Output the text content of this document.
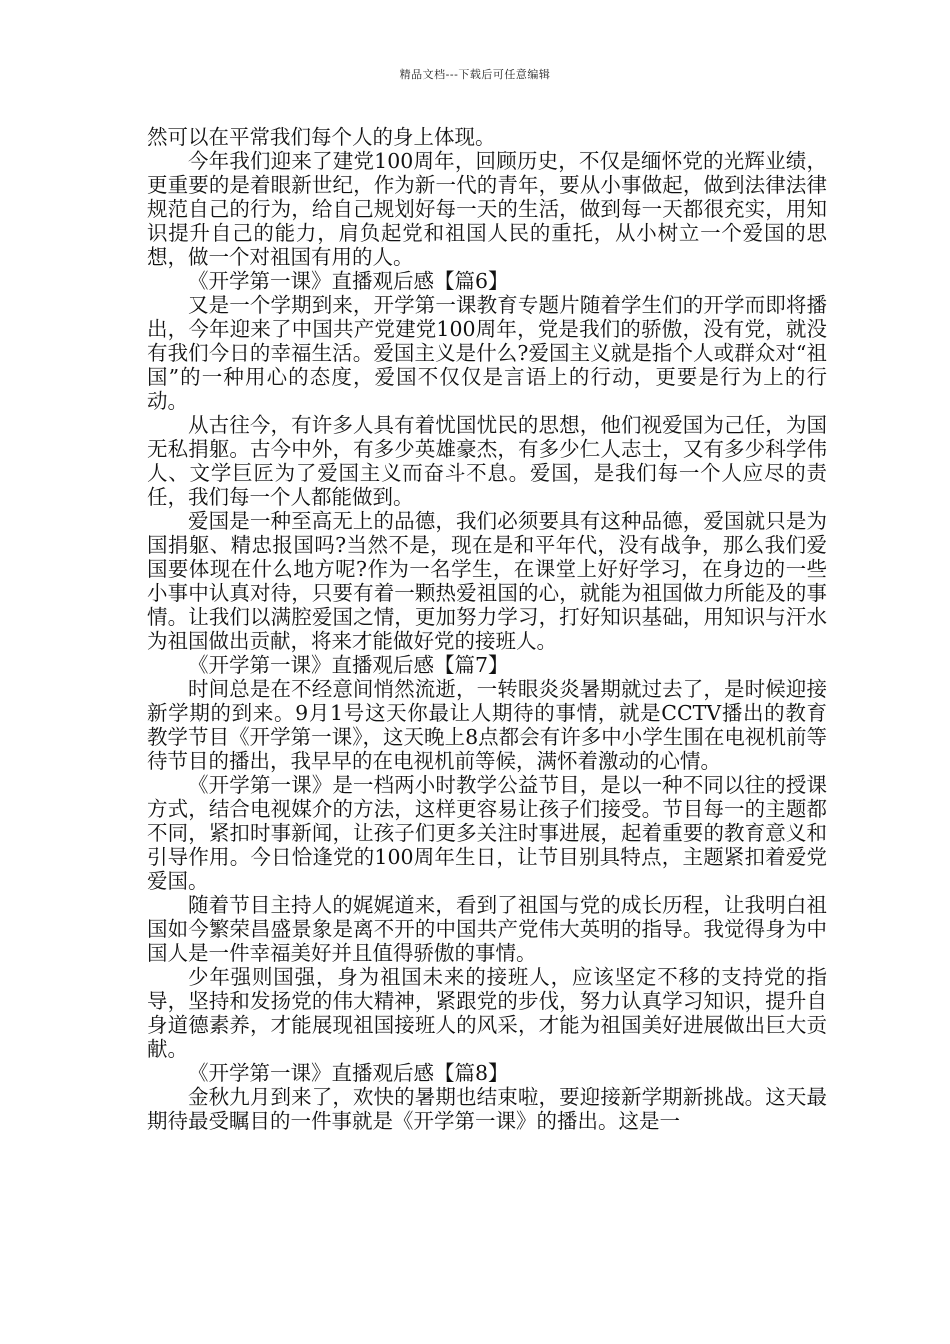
精品文档---下载后可任意编辑

然可以在平常我们每个人的身上体现。

今年我们迎来了建党100周年，回顾历史，不仅是缅怀党的光辉业绩，更重要的是着眼新世纪，作为新一代的青年，要从小事做起，做到法律法律规范自己的行为，给自己规划好每一天的生活，做到每一天都很充实，用知识提升自己的能力，肩负起党和祖国人民的重托，从小树立一个爱国的思想，做一个对祖国有用的人。

《开学第一课》直播观后感【篇6】

又是一个学期到来，开学第一课教育专题片随着学生们的开学而即将播出，今年迎来了中国共产党建党100周年，党是我们的骄傲，没有党，就没有我们今日的幸福生活。爱国主义是什么?爱国主义就是指个人或群众对“祖国”的一种用心的态度，爱国不仅仅是言语上的行动，更要是行为上的行动。

从古往今，有许多人具有着忧国忧民的思想，他们视爱国为己任，为国无私捐躯。古今中外，有多少英雄豪杰，有多少仁人志士，又有多少科学伟人、文学巨匠为了爱国主义而奋斗不息。爱国，是我们每一个人应尽的责任，我们每一个人都能做到。

爱国是一种至高无上的品德，我们必须要具有这种品德，爱国就只是为国捐躯、精忠报国吗?当然不是，现在是和平年代，没有战争，那么我们爱国要体现在什么地方呢?作为一名学生，在课堂上好好学习，在身边的一些小事中认真对待，只要有着一颗热爱祖国的心，就能为祖国做力所能及的事情。让我们以满腔爱国之情，更加努力学习，打好知识基础，用知识与汗水为祖国做出贡献，将来才能做好党的接班人。

《开学第一课》直播观后感【篇7】

时间总是在不经意间悄然流逝，一转眼炎炎暑期就过去了，是时候迎接新学期的到来。9月1号这天你最让人期待的事情，就是CCTV播出的教育教学节目《开学第一课》，这天晚上8点都会有许多中小学生围在电视机前等待节目的播出，我早早的在电视机前等候，满怀着激动的心情。

《开学第一课》是一档两小时教学公益节目，是以一种不同以往的授课方式，结合电视媒介的方法，这样更容易让孩子们接受。节目每一的主题都不同，紧扣时事新闻，让孩子们更多关注时事进展，起着重要的教育意义和引导作用。今日恰逢党的100周年生日，让节目别具特点，主题紧扣着爱党爱国。

随着节目主持人的娓娓道来，看到了祖国与党的成长历程，让我明白祖国如今繁荣昌盛景象是离不开的中国共产党伟大英明的指导。我觉得身为中国人是一件幸福美好并且值得骄傲的事情。

少年强则国强，身为祖国未来的接班人，应该坚定不移的支持党的指导，坚持和发扬党的伟大精神，紧跟党的步伐，努力认真学习知识，提升自身道德素养，才能展现祖国接班人的风采，才能为祖国美好进展做出巨大贡献。

《开学第一课》直播观后感【篇8】

金秋九月到来了，欢快的暑期也结束啦，要迎接新学期新挑战。这天最期待最受瞩目的一件事就是《开学第一课》的播出。这是一
